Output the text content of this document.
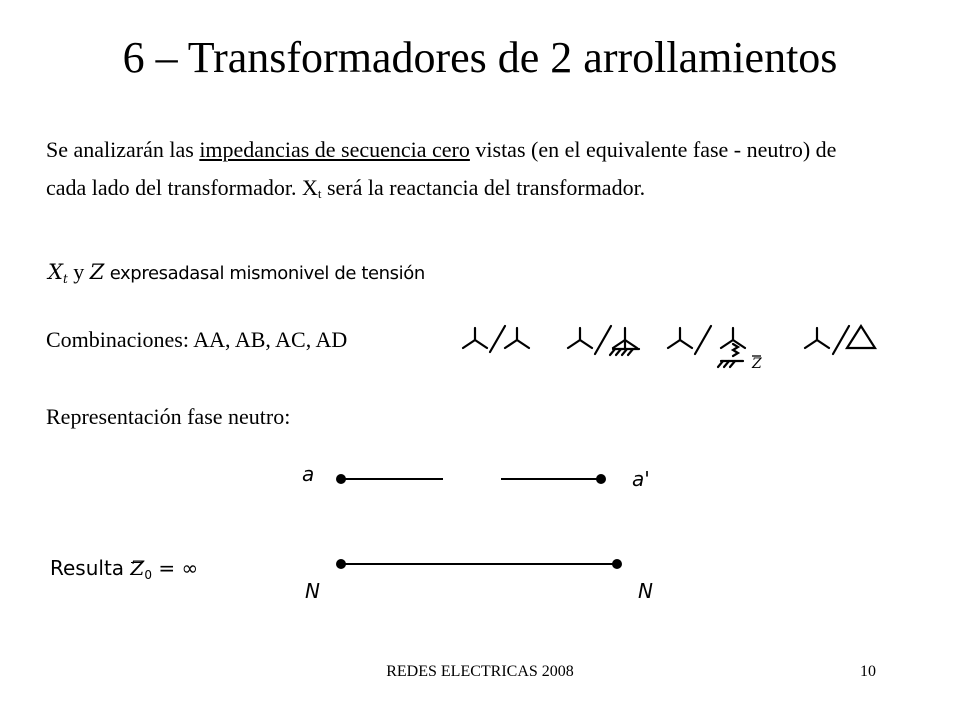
6 – Transformadores de 2 arrollamientos

Se analizarán las impedancias de secuencia cero vistas (en el equivalente fase - neutro) de cada lado del transformador. $X_t$ será la reactancia del transformador.

$X_t$ y Z expresadasal mismonivel de tensión

Combinaciones: AA, AB, AC, AD

Z

Representación fase neutro:

a	a'
N	N
Resulta $Z_0$ = ∞
REDES ELECTRICAS 2008	10
